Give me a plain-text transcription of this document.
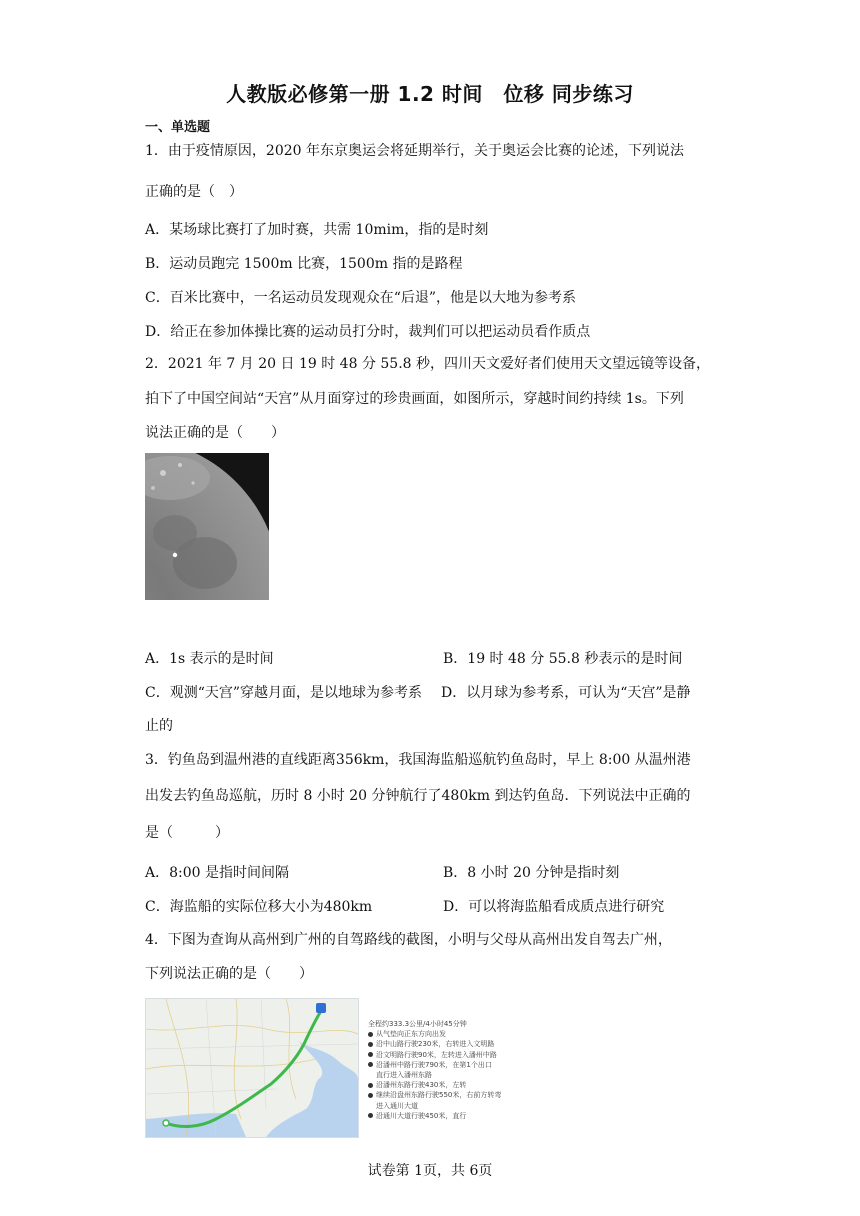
人教版必修第一册 1.2 时间　位移 同步练习
一、单选题
1．由于疫情原因，2020 年东京奥运会将延期举行，关于奥运会比赛的论述，下列说法
正确的是（　）
A．某场球比赛打了加时赛，共需 10mim，指的是时刻
B．运动员跑完 1500m 比赛，1500m 指的是路程
C．百米比赛中，一名运动员发现观众在“后退”，他是以大地为参考系
D．给正在参加体操比赛的运动员打分时，裁判们可以把运动员看作质点
2．2021 年 7 月 20 日 19 时 48 分 55.8 秒，四川天文爱好者们使用天文望远镜等设备，
拍下了中国空间站“天宫”从月面穿过的珍贵画面，如图所示，穿越时间约持续 1s。下列
说法正确的是（　　）
A．1s 表示的是时间	B．19 时 48 分 55.8 秒表示的是时间
C．观测“天宫”穿越月面，是以地球为参考系 D．以月球为参考系，可认为“天宫”是静
止的
3．钓鱼岛到温州港的直线距离356km，我国海监船巡航钓鱼岛时，早上 8:00 从温州港
出发去钓鱼岛巡航，历时 8 小时 20 分钟航行了480km 到达钓鱼岛．下列说法中正确的
是（　　　）
A．8:00 是指时间间隔	B．8 小时 20 分钟是指时刻
C．海监船的实际位移大小为480km	D．可以将海监船看成质点进行研究
4．下图为查询从高州到广州的自驾路线的截图，小明与父母从高州出发自驾去广州，
下列说法正确的是（　　）
全程约333.3公里/4小时45分钟
从气垫向正东方向出发
沿中山路行驶230米，右转进入文明路
沿文明路行驶90米，左转进入潘州中路
沿潘州中路行驶790米，在第1个出口
直行进入潘州东路
沿潘州东路行驶430米，左转
继续沿盘州东路行驶550米，右前方转弯
进入通川大道
沿通川大道行驶450米，直行
试卷第 1页，共 6页
